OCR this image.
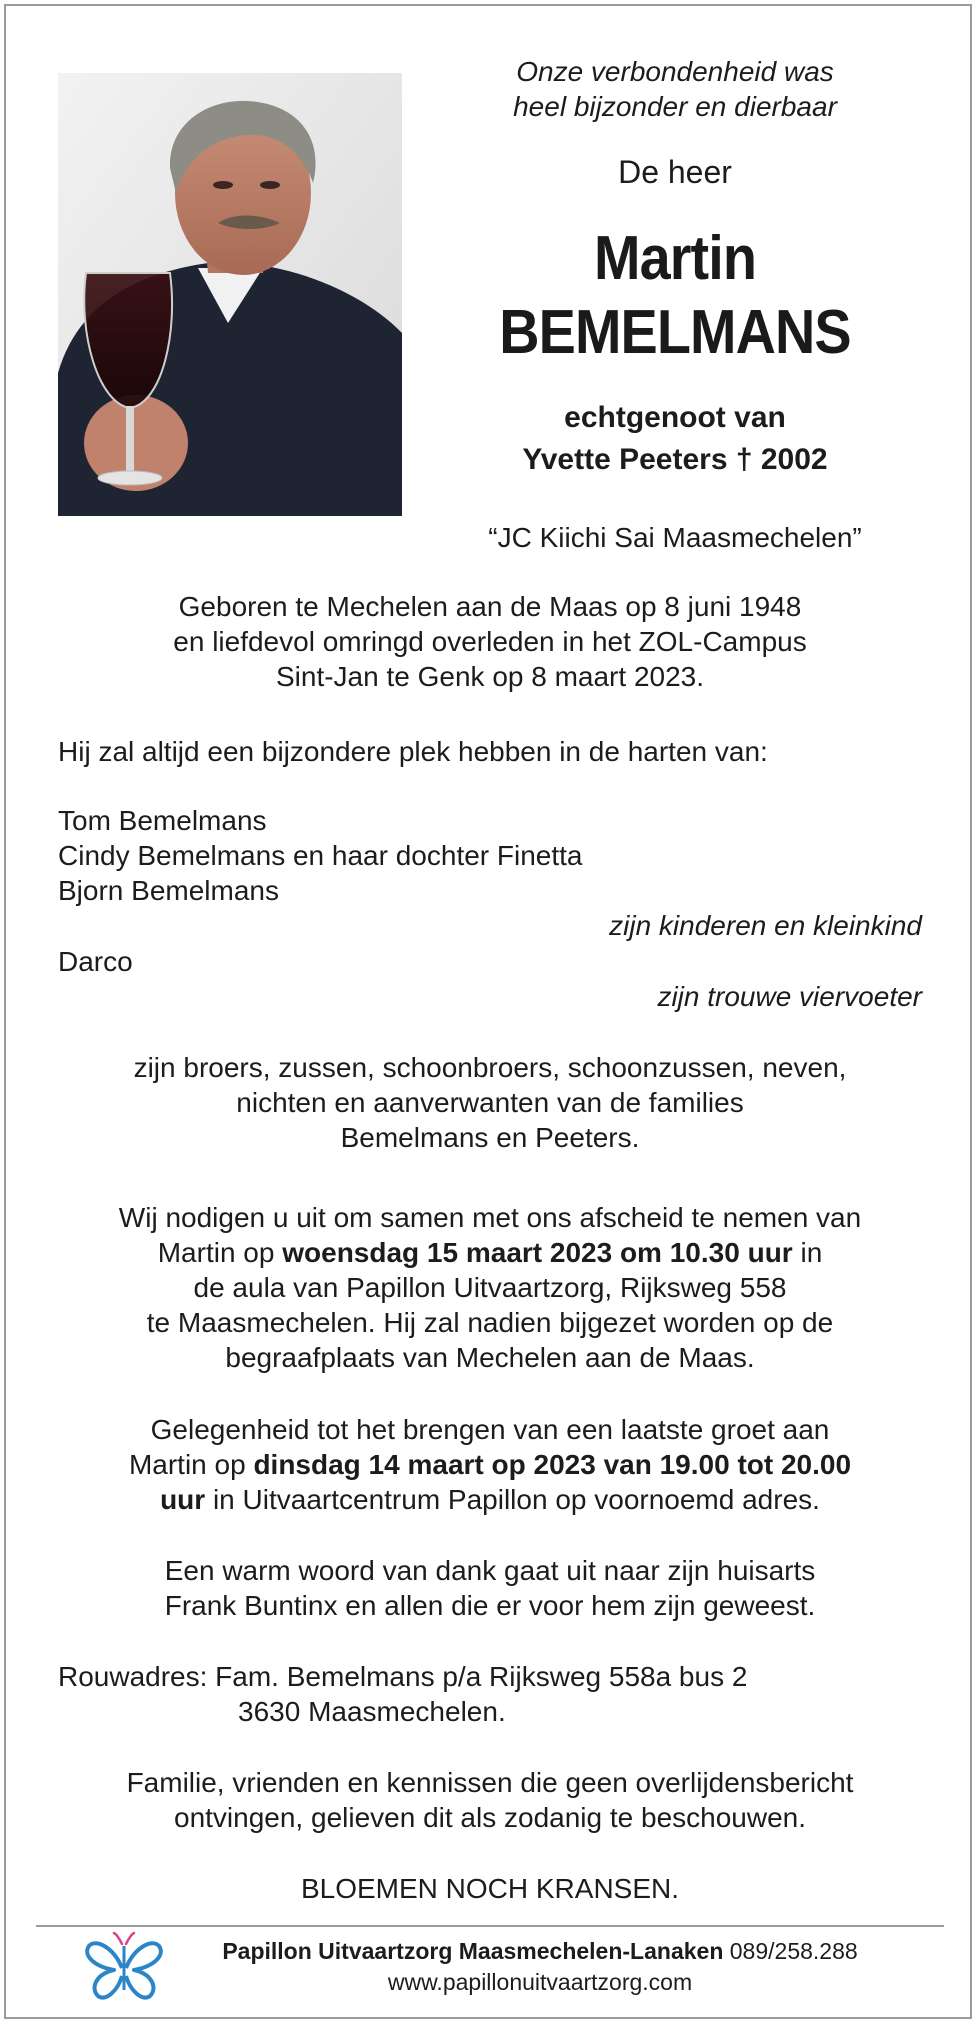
Onze verbondenheid was
heel bijzonder en dierbaar
De heer
Martin
BEMELMANS
echtgenoot van
Yvette Peeters † 2002
“JC Kiichi Sai Maasmechelen”
Geboren te Mechelen aan de Maas op 8 juni 1948
en liefdevol omringd overleden in het ZOL-Campus
Sint-Jan te Genk op 8 maart 2023.
Hij zal altijd een bijzondere plek hebben in de harten van:
Tom Bemelmans
Cindy Bemelmans en haar dochter Finetta
Bjorn Bemelmans
zijn kinderen en kleinkind
Darco
zijn trouwe viervoeter
zijn broers, zussen, schoonbroers, schoonzussen, neven,
nichten en aanverwanten van de families
Bemelmans en Peeters.
Wij nodigen u uit om samen met ons afscheid te nemen van
Martin op woensdag 15 maart 2023 om 10.30 uur in
de aula van Papillon Uitvaartzorg, Rijksweg 558
te Maasmechelen. Hij zal nadien bijgezet worden op de
begraafplaats van Mechelen aan de Maas.
Gelegenheid tot het brengen van een laatste groet aan
Martin op dinsdag 14 maart op 2023 van 19.00 tot 20.00
uur in Uitvaartcentrum Papillon op voornoemd adres.
Een warm woord van dank gaat uit naar zijn huisarts
Frank Buntinx en allen die er voor hem zijn geweest.
Rouwadres: Fam. Bemelmans p/a Rijksweg 558a bus 2
3630 Maasmechelen.
Familie, vrienden en kennissen die geen overlijdensbericht
ontvingen, gelieven dit als zodanig te beschouwen.
BLOEMEN NOCH KRANSEN.
Papillon Uitvaartzorg Maasmechelen-Lanaken 089/258.288
www.papillonuitvaartzorg.com
